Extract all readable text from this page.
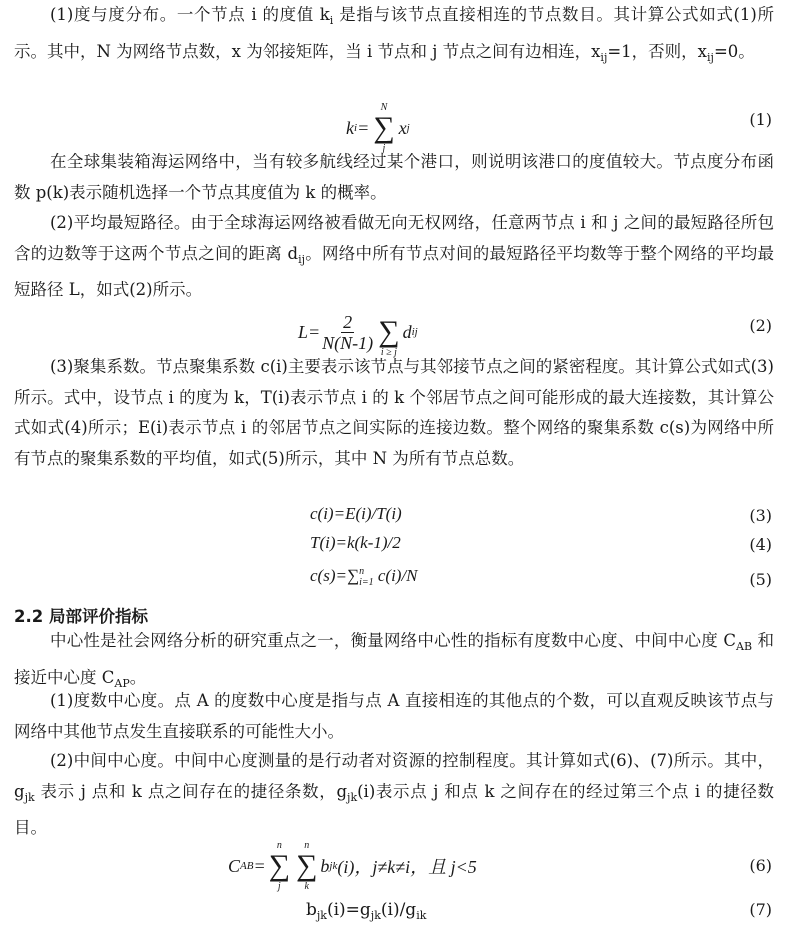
(1)度与度分布。一个节点 i 的度值 $k_i$ 是指与该节点直接相连的节点数目。其计算公式如式(1)所示。其中，N 为网络节点数，x 为邻接矩阵，当 i 节点和 j 节点之间有边相连，$x_{ij}=1$，否则，$x_{ij}=0$。

k i =
N
∑
j
x j	(1)

在全球集装箱海运网络中，当有较多航线经过某个港口，则说明该港口的度值较大。节点度分布函数 p(k)表示随机选择一个节点其度值为 k 的概率。

(2)平均最短路径。由于全球海运网络被看做无向无权网络，任意两节点 i 和 j 之间的最短路径所包含的边数等于这两个节点之间的距离 $d_{ij}$。网络中所有节点对间的最短路径平均数等于整个网络的平均最短路径 L，如式(2)所示。

$L= \frac{2}{N(N-1)}$
∑
i ≥ j
d ij	(2)

(3)聚集系数。节点聚集系数 c(i)主要表示该节点与其邻接节点之间的紧密程度。其计算公式如式(3)所示。式中，设节点 i 的度为 k，T(i)表示节点 i 的 k 个邻居节点之间可能形成的最大连接数，其计算公式如式(4)所示；E(i)表示节点 i 的邻居节点之间实际的连接边数。整个网络的聚集系数 c(s)为网络中所有节点的聚集系数的平均值，如式(5)所示，其中 N 为所有节点总数。

c(i)=E(i)/T(i)	(3)
T(i)=k(k-1)/2	(4)
c(s)=∑ n
i=1 c(i)/N	(5)
2.2 局部评价指标

中心性是社会网络分析的研究重点之一，衡量网络中心性的指标有度数中心度、中间中心度 $C_{AB}$ 和接近中心度 $C_{AP}$。

(1)度数中心度。点 A 的度数中心度是指与点 A 直接相连的其他点的个数，可以直观反映该节点与网络中其他节点发生直接联系的可能性大小。

(2)中间中心度。中间中心度测量的是行动者对资源的控制程度。其计算如式(6)、(7)所示。其中，$g_{jk}$ 表示 j 点和 k 点之间存在的捷径条数，$g_{jk}(i)$表示点 j 和点 k 之间存在的经过第三个点 i 的捷径数目。

C AB =
n
∑
j
n
∑
k
b jk (i)，j≠k≠i，且 j<5	(6)
$b_{jk}(i)=g_{jk}(i)/g_{ik}$	(7)
